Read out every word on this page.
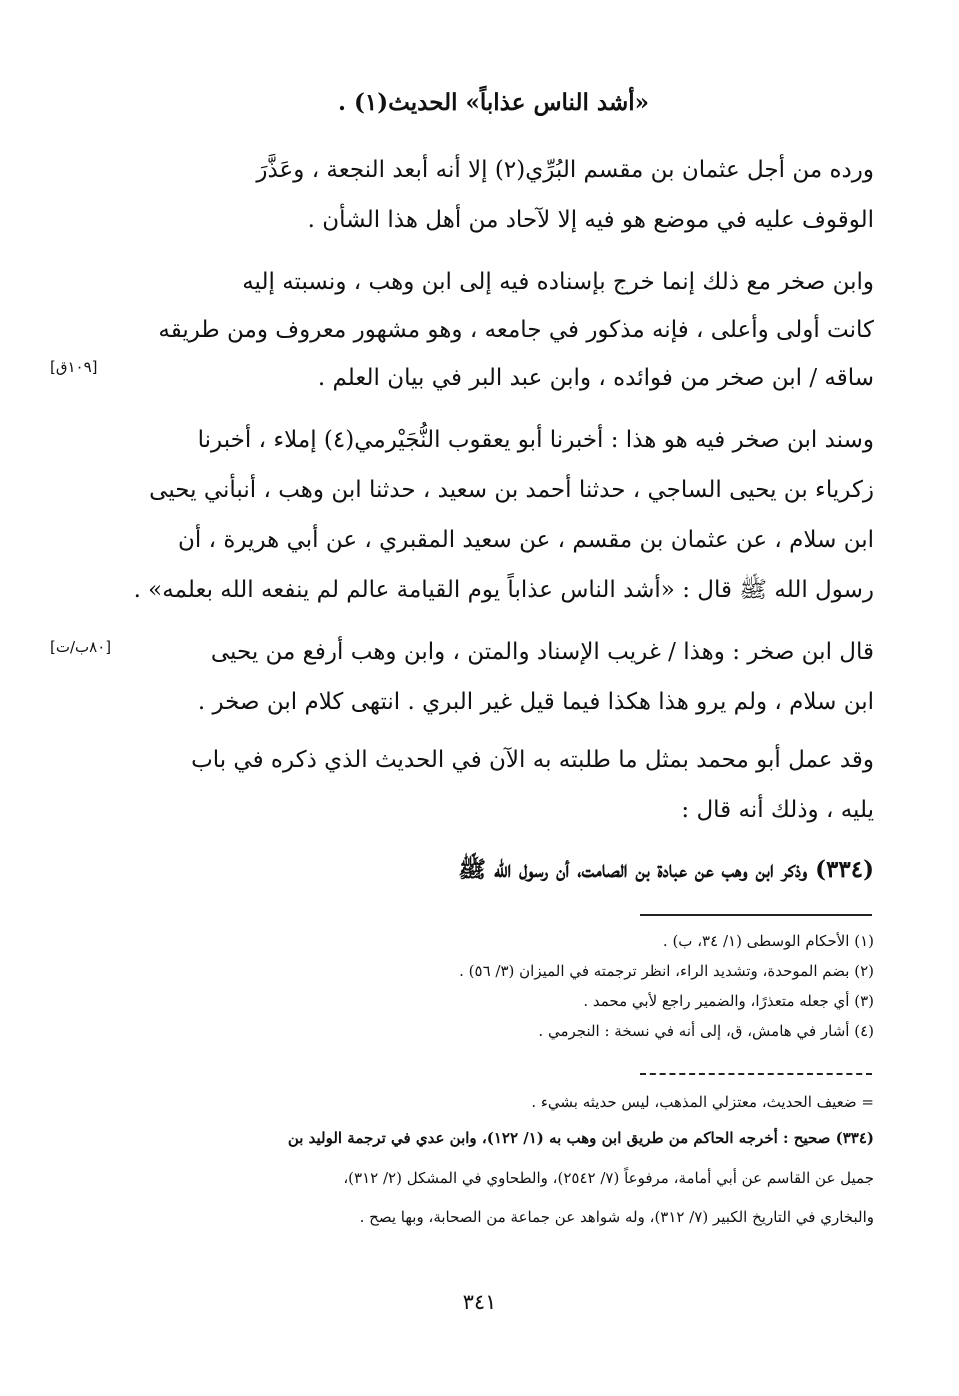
«أشد الناس عذاباً» الحديث(١) .
ورده من أجل عثمان بن مقسم البُرِّي(٢) إلا أنه أبعد النجعة ، وعَذَّرَ
الوقوف عليه في موضع هو فيه إلا لآحاد من أهل هذا الشأن .
وابن صخر مع ذلك إنما خرج بإسناده فيه إلى ابن وهب ، ونسبته إليه
كانت أولى وأعلى ، فإنه مذكور في جامعه ، وهو مشهور معروف ومن طريقه
ساقه / ابن صخر من فوائده ، وابن عبد البر في بيان العلم .
وسند ابن صخر فيه هو هذا : أخبرنا أبو يعقوب النُّجَيْرمي(٤) إملاء ، أخبرنا
زكرياء بن يحيى الساجي ، حدثنا أحمد بن سعيد ، حدثنا ابن وهب ، أنبأني يحيى
ابن سلام ، عن عثمان بن مقسم ، عن سعيد المقبري ، عن أبي هريرة ، أن
رسول الله ﷺ قال : «أشد الناس عذاباً يوم القيامة عالم لم ينفعه الله بعلمه» .
قال ابن صخر : وهذا / غريب الإسناد والمتن ، وابن وهب أرفع من يحيى
ابن سلام ، ولم يرو هذا هكذا فيما قيل غير البري . انتهى كلام ابن صخر .
وقد عمل أبو محمد بمثل ما طلبته به الآن في الحديث الذي ذكره في باب
يليه ، وذلك أنه قال :
(٣٣٤) وذكر ابن وهب عن عبادة بن الصامت، أن رسول الله ﷺ
[١٠٩ق]
[٨٠ب/ت]
(١) الأحكام الوسطى (١/ ٣٤، ب) .
(٢) بضم الموحدة، وتشديد الراء، انظر ترجمته في الميزان (٣/ ٥٦) .
(٣) أي جعله متعذرًا، والضمير راجع لأبي محمد .
(٤) أشار في هامش، ق، إلى أنه في نسخة : النجرمي .
= ضعيف الحديث، معتزلي المذهب، ليس حديثه بشيء .
(٣٣٤) صحيح : أخرجه الحاكم من طريق ابن وهب به (١/ ١٢٢)، وابن عدي في ترجمة الوليد بن
جميل عن القاسم عن أبي أمامة، مرفوعاً (٧/ ٢٥٤٢)، والطحاوي في المشكل (٢/ ٣١٢)،
والبخاري في التاريخ الكبير (٧/ ٣١٢)، وله شواهد عن جماعة من الصحابة، وبها يصح .
٣٤١
